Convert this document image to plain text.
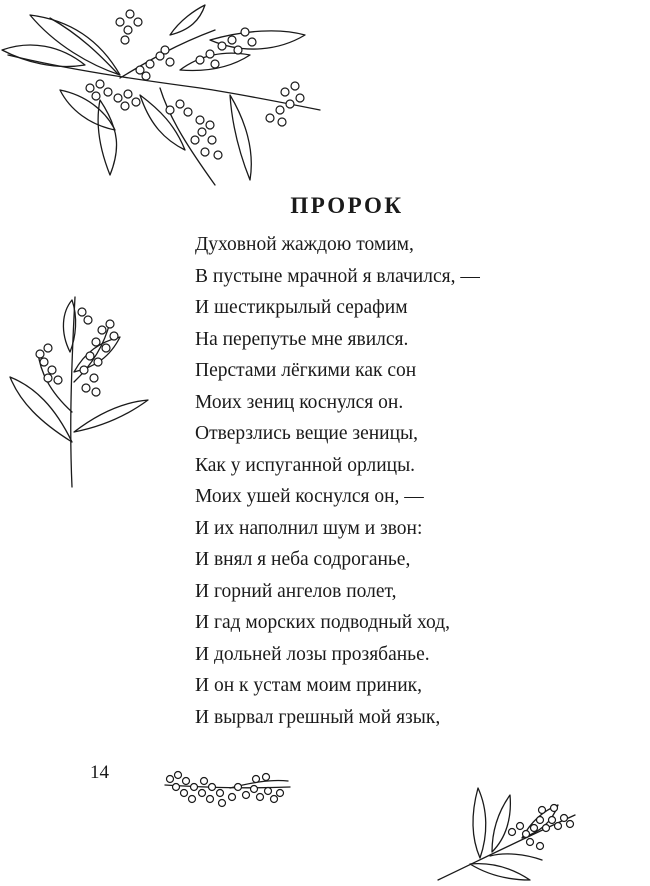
ПРОРОК
Духовной жаждою томим,
В пустыне мрачной я влачился, —
И шестикрылый серафим
На перепутье мне явился.
Перстами лёгкими как сон
Моих зениц коснулся он.
Отверзлись вещие зеницы,
Как у испуганной орлицы.
Моих ушей коснулся он, —
И их наполнил шум и звон:
И внял я неба содроганье,
И горний ангелов полет,
И гад морских подводный ход,
И дольней лозы прозябанье.
И он к устам моим приник,
И вырвал грешный мой язык,
14
